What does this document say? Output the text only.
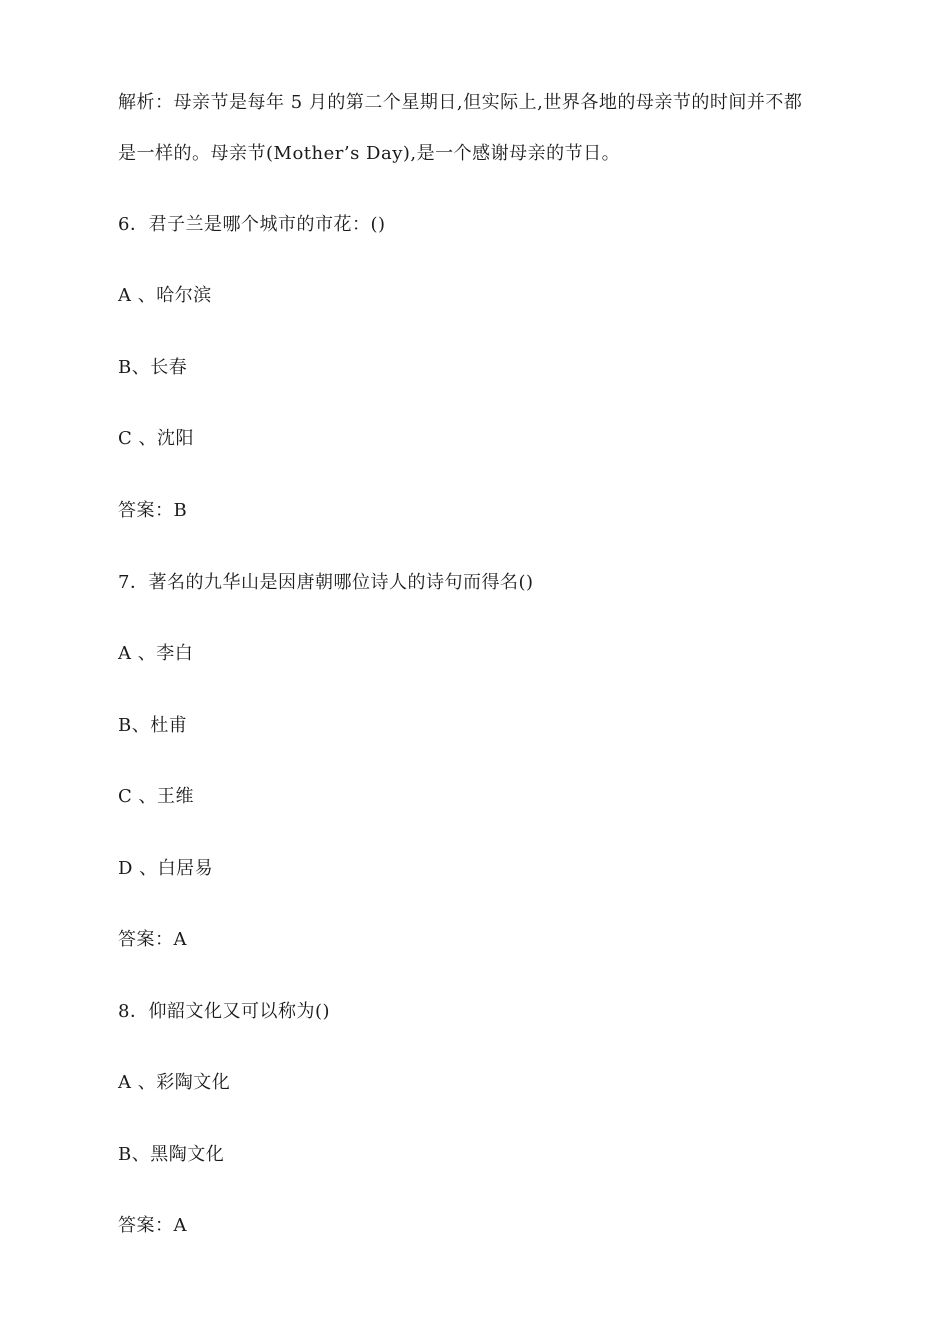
解析：母亲节是每年 5 月的第二个星期日,但实际上,世界各地的母亲节的时间并不都
是一样的。母亲节(Mother’s Day),是一个感谢母亲的节日。
6．君子兰是哪个城市的市花：()
A 、哈尔滨
B、长春
C 、沈阳
答案：B
7．著名的九华山是因唐朝哪位诗人的诗句而得名()
A 、李白
B、杜甫
C 、王维
D 、白居易
答案：A
8．仰韶文化又可以称为()
A 、彩陶文化
B、黑陶文化
答案：A
